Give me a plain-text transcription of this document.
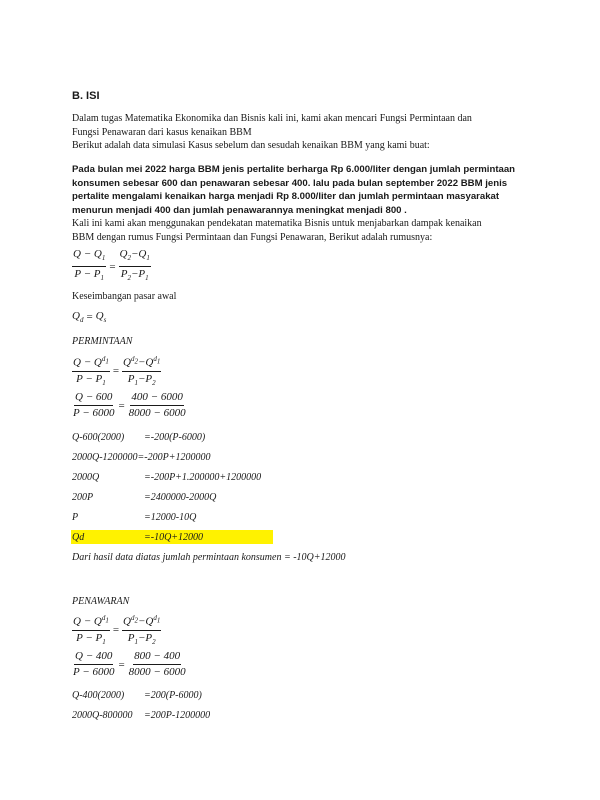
B. ISI
Dalam tugas Matematika Ekonomika dan Bisnis kali ini, kami akan mencari Fungsi Permintaan dan
Fungsi Penawaran dari kasus kenaikan BBM
Berikut adalah data simulasi Kasus sebelum dan sesudah kenaikan BBM yang kami buat:
Pada bulan mei 2022 harga BBM jenis pertalite berharga Rp 6.000/liter dengan jumlah permintaan
konsumen sebesar 600 dan penawaran sebesar 400. lalu pada bulan september 2022 BBM jenis
pertalite mengalami kenaikan harga menjadi Rp 8.000/liter dan jumlah permintaan masyarakat
menurun menjadi 400 dan jumlah penawarannya meningkat menjadi 800 .
Kali ini kami akan menggunakan pendekatan matematika Bisnis untuk menjabarkan dampak kenaikan
BBM dengan rumus Fungsi Permintaan dan Fungsi Penawaran, Berikut adalah rumusnya:
$\frac{Q - Q_1}{P - P_1} = \frac{Q_2-Q_1}{P_2-P_1}$
Keseimbangan pasar awal
$Q_d = Q_s$
PERMINTAAN
$\frac{Q - Q^{d_1}}{P - P_1} = \frac{Q^{d_2}-Q^{d_1}}{P_1-P_2}$
$\frac{Q - 600}{P - 6000} = \frac{400 - 6000}{8000 - 6000}$
Q-600(2000) =-200(P-6000)
2000Q-1200000=-200P+1200000
2000Q	=-200P+1.200000+1200000
200P	=2400000-2000Q
P	=12000-10Q
Qd	=-10Q+12000
Dari hasil data diatas jumlah permintaan konsumen = -10Q+12000
PENAWARAN
$\frac{Q - Q^{d_1}}{P - P_1} = \frac{Q^{d_2}-Q^{d_1}}{P_1-P_2}$
$\frac{Q - 400}{P - 6000} = \frac{800 - 400}{8000 - 6000}$
Q-400(2000) =200(P-6000)
2000Q-800000 =200P-1200000
